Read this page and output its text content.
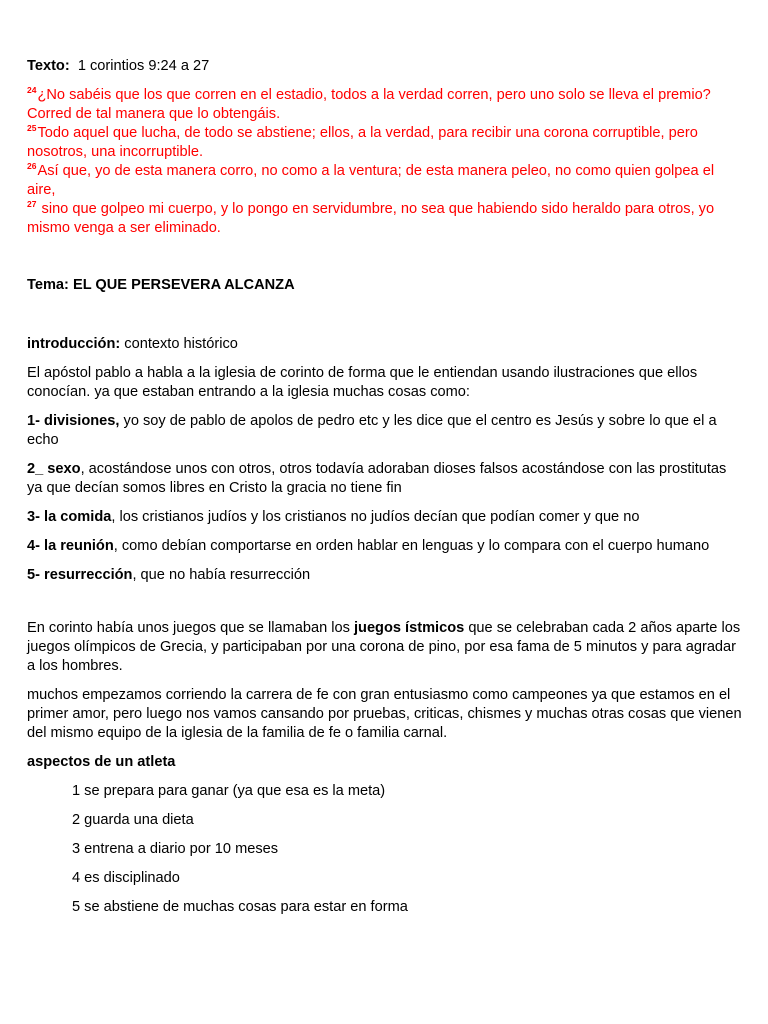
Texto: 1 corintios 9:24 a 27

$^{24}$¿No sabéis que los que corren en el estadio, todos a la verdad corren, pero uno solo se lleva el premio? Corred de tal manera que lo obtengáis.

$^{25}$Todo aquel que lucha, de todo se abstiene; ellos, a la verdad, para recibir una corona corruptible, pero nosotros, una incorruptible.

$^{26}$Así que, yo de esta manera corro, no como a la ventura; de esta manera peleo, no como quien golpea el aire,

$^{27}$ sino que golpeo mi cuerpo, y lo pongo en servidumbre, no sea que habiendo sido heraldo para otros, yo mismo venga a ser eliminado.

Tema: EL QUE PERSEVERA ALCANZA

introducción: contexto histórico

El apóstol pablo a habla a la iglesia de corinto de forma que le entiendan usando ilustraciones que ellos conocían. ya que estaban entrando a la iglesia muchas cosas como:

1- divisiones, yo soy de pablo de apolos de pedro etc y les dice que el centro es Jesús y sobre lo que el a echo

2_ sexo, acostándose unos con otros, otros todavía adoraban dioses falsos acostándose con las prostitutas ya que decían somos libres en Cristo la gracia no tiene fin

3- la comida, los cristianos judíos y los cristianos no judíos decían que podían comer y que no

4- la reunión, como debían comportarse en orden hablar en lenguas y lo compara con el cuerpo humano

5- resurrección, que no había resurrección

En corinto había unos juegos que se llamaban los juegos ístmicos que se celebraban cada 2 años aparte los juegos olímpicos de Grecia, y participaban por una corona de pino, por esa fama de 5 minutos y para agradar a los hombres.

muchos empezamos corriendo la carrera de fe con gran entusiasmo como campeones ya que estamos en el primer amor, pero luego nos vamos cansando por pruebas, criticas, chismes y muchas otras cosas que vienen del mismo equipo de la iglesia de la familia de fe o familia carnal.

aspectos de un atleta

1 se prepara para ganar (ya que esa es la meta)

2 guarda una dieta

3 entrena a diario por 10 meses

4 es disciplinado

5 se abstiene de muchas cosas para estar en forma
